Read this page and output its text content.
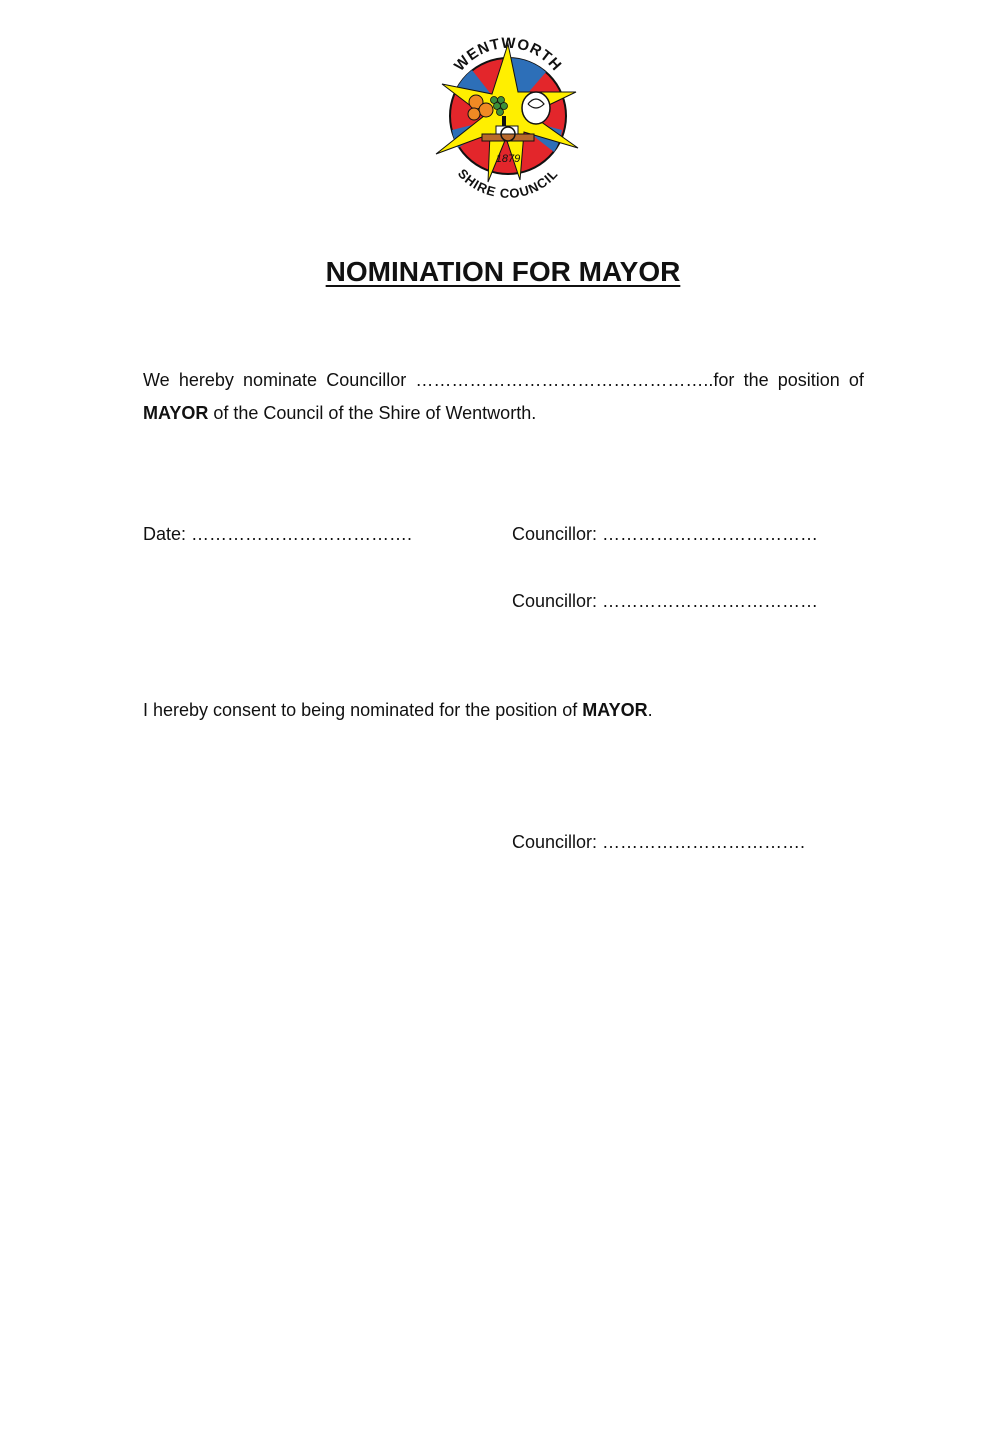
1879
WENTWORTH
SHIRE COUNCIL
NOMINATION FOR MAYOR
We hereby nominate Councillor …………………………………………..for the position of
MAYOR of the Council of the Shire of Wentworth.
Date: ……………………………….	Councillor: ………………………………
Councillor: ………………………………
I hereby consent to being nominated for the position of MAYOR.
Councillor: …………………………….
